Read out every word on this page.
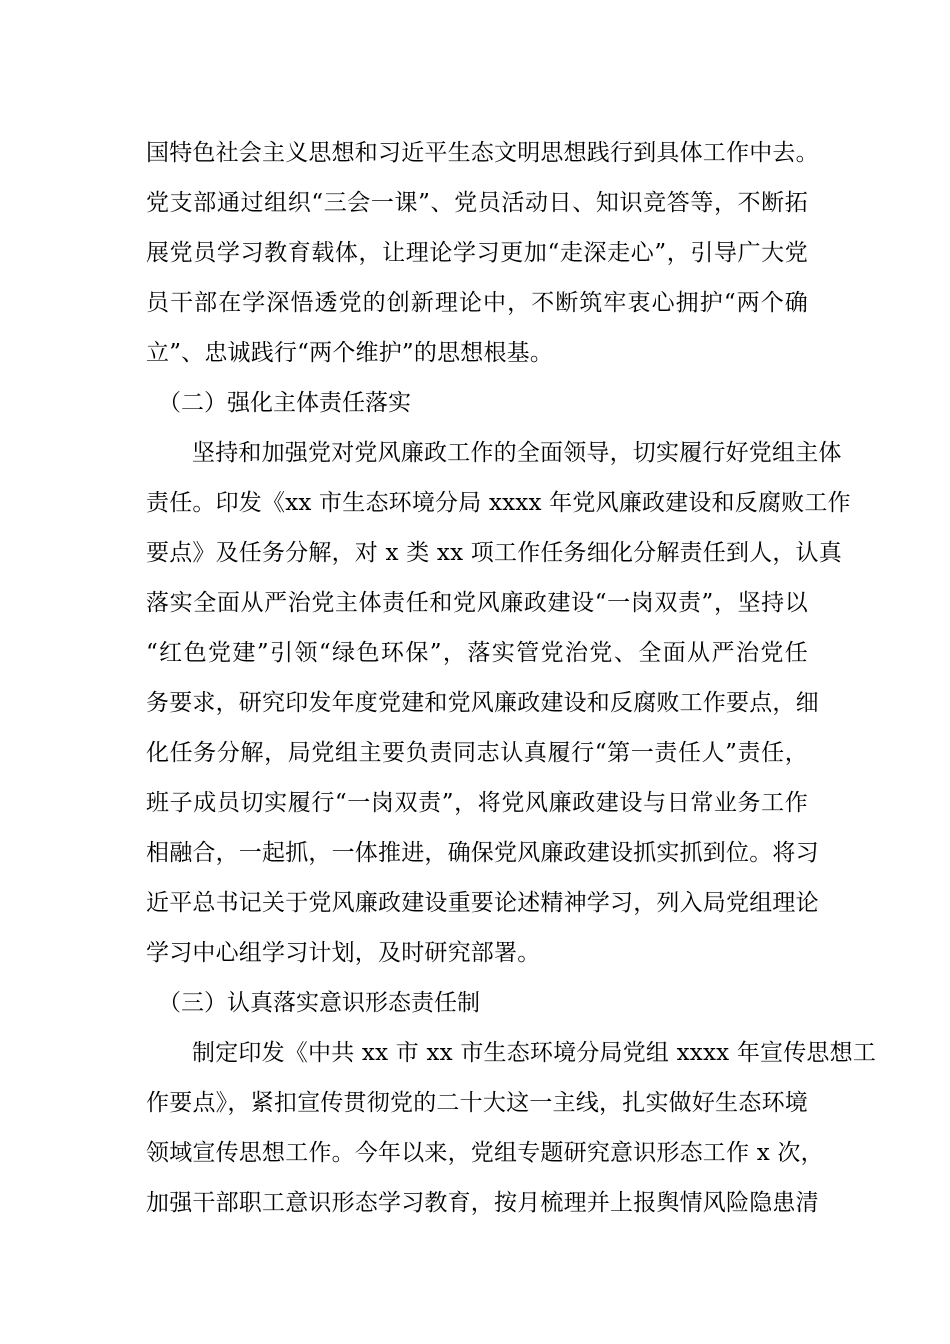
国特色社会主义思想和习近平生态文明思想践行到具体工作中去。
党支部通过组织“三会一课”、党员活动日、知识竞答等，不断拓
展党员学习教育载体，让理论学习更加“走深走心”，引导广大党
员干部在学深悟透党的创新理论中，不断筑牢衷心拥护“两个确
立”、忠诚践行“两个维护”的思想根基。
（二）强化主体责任落实
坚持和加强党对党风廉政工作的全面领导，切实履行好党组主体
责任。印发《xx 市生态环境分局 xxxx 年党风廉政建设和反腐败工作
要点》及任务分解，对 x 类 xx 项工作任务细化分解责任到人，认真
落实全面从严治党主体责任和党风廉政建设“一岗双责”，坚持以
“红色党建”引领“绿色环保”，落实管党治党、全面从严治党任
务要求，研究印发年度党建和党风廉政建设和反腐败工作要点，细
化任务分解，局党组主要负责同志认真履行“第一责任人”责任，
班子成员切实履行“一岗双责”，将党风廉政建设与日常业务工作
相融合，一起抓，一体推进，确保党风廉政建设抓实抓到位。将习
近平总书记关于党风廉政建设重要论述精神学习，列入局党组理论
学习中心组学习计划，及时研究部署。
（三）认真落实意识形态责任制
制定印发《中共 xx 市 xx 市生态环境分局党组 xxxx 年宣传思想工
作要点》，紧扣宣传贯彻党的二十大这一主线，扎实做好生态环境
领域宣传思想工作。今年以来，党组专题研究意识形态工作 x 次，
加强干部职工意识形态学习教育，按月梳理并上报舆情风险隐患清
